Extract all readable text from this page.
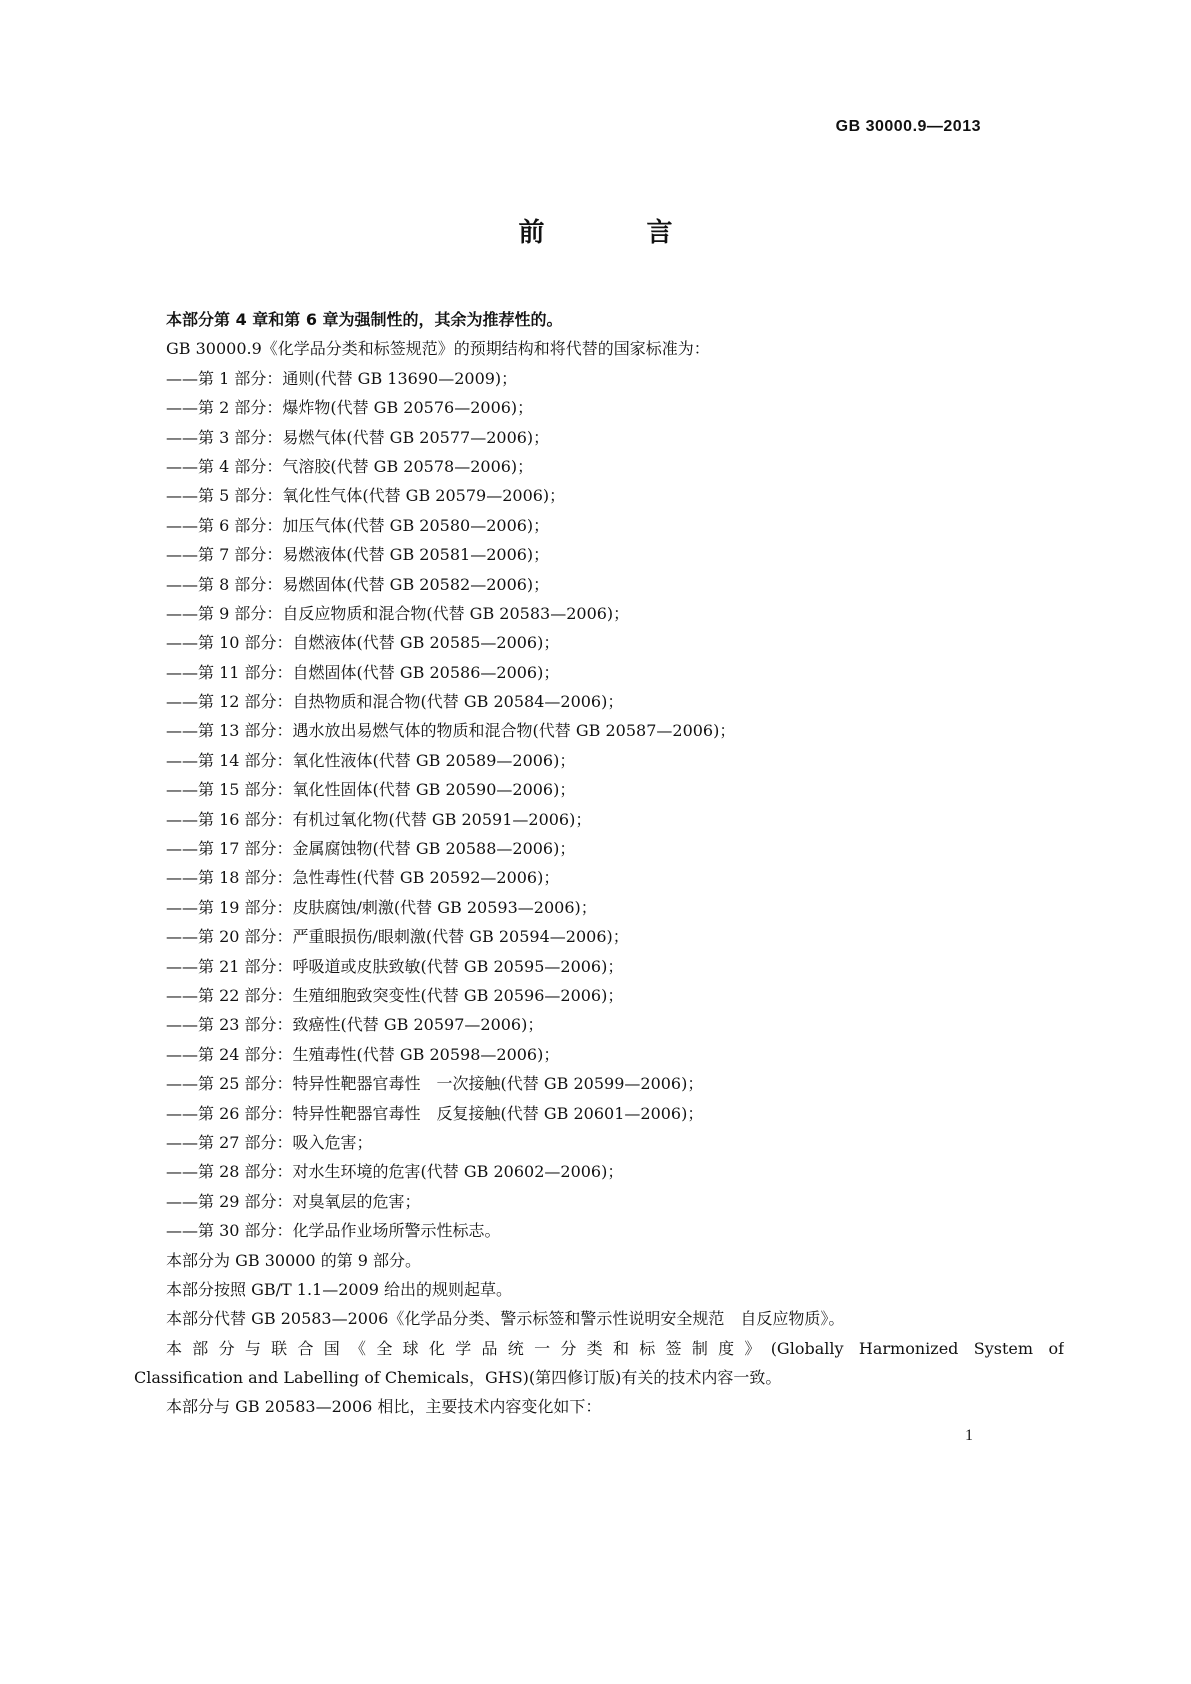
GB 30000.9—2013
前　言
本部分第 4 章和第 6 章为强制性的，其余为推荐性的。
GB 30000.9《化学品分类和标签规范》的预期结构和将代替的国家标准为：
——第 1 部分：通则(代替 GB 13690—2009)；
——第 2 部分：爆炸物(代替 GB 20576—2006)；
——第 3 部分：易燃气体(代替 GB 20577—2006)；
——第 4 部分：气溶胶(代替 GB 20578—2006)；
——第 5 部分：氧化性气体(代替 GB 20579—2006)；
——第 6 部分：加压气体(代替 GB 20580—2006)；
——第 7 部分：易燃液体(代替 GB 20581—2006)；
——第 8 部分：易燃固体(代替 GB 20582—2006)；
——第 9 部分：自反应物质和混合物(代替 GB 20583—2006)；
——第 10 部分：自燃液体(代替 GB 20585—2006)；
——第 11 部分：自燃固体(代替 GB 20586—2006)；
——第 12 部分：自热物质和混合物(代替 GB 20584—2006)；
——第 13 部分：遇水放出易燃气体的物质和混合物(代替 GB 20587—2006)；
——第 14 部分：氧化性液体(代替 GB 20589—2006)；
——第 15 部分：氧化性固体(代替 GB 20590—2006)；
——第 16 部分：有机过氧化物(代替 GB 20591—2006)；
——第 17 部分：金属腐蚀物(代替 GB 20588—2006)；
——第 18 部分：急性毒性(代替 GB 20592—2006)；
——第 19 部分：皮肤腐蚀/刺激(代替 GB 20593—2006)；
——第 20 部分：严重眼损伤/眼刺激(代替 GB 20594—2006)；
——第 21 部分：呼吸道或皮肤致敏(代替 GB 20595—2006)；
——第 22 部分：生殖细胞致突变性(代替 GB 20596—2006)；
——第 23 部分：致癌性(代替 GB 20597—2006)；
——第 24 部分：生殖毒性(代替 GB 20598—2006)；
——第 25 部分：特异性靶器官毒性　一次接触(代替 GB 20599—2006)；
——第 26 部分：特异性靶器官毒性　反复接触(代替 GB 20601—2006)；
——第 27 部分：吸入危害；
——第 28 部分：对水生环境的危害(代替 GB 20602—2006)；
——第 29 部分：对臭氧层的危害；
——第 30 部分：化学品作业场所警示性标志。
本部分为 GB 30000 的第 9 部分。
本部分按照 GB/T 1.1—2009 给出的规则起草。
本部分代替 GB 20583—2006《化学品分类、警示标签和警示性说明安全规范　自反应物质》。
本部分与联合国《全球化学品统一分类和标签制度》(Globally Harmonized System of
Classification and Labelling of Chemicals，GHS)(第四修订版)有关的技术内容一致。
本部分与 GB 20583—2006 相比，主要技术内容变化如下：
1
